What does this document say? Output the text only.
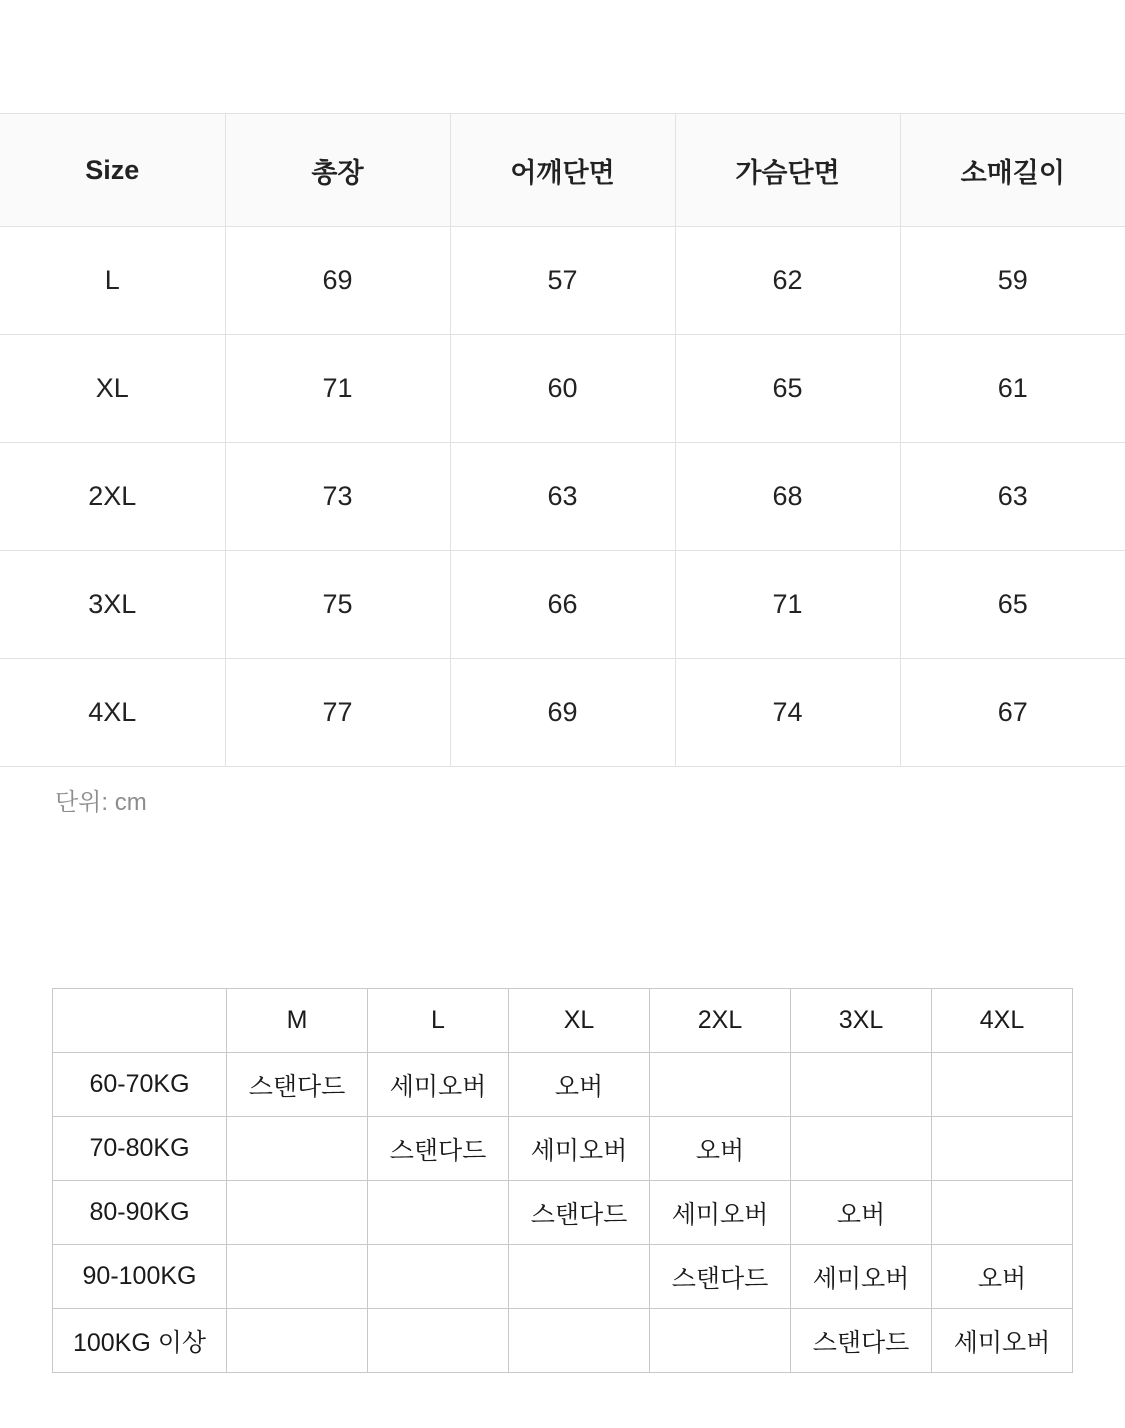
Size	총장	어깨단면	가슴단면	소매길이
L	69	57	62	59
XL	71	60	65	61
2XL	73	63	68	63
3XL	75	66	71	65
4XL	77	69	74	67
단위: cm
	M	L	XL	2XL	3XL	4XL
60-70KG	스탠다드	세미오버	오버			
70-80KG		스탠다드	세미오버	오버		
80-90KG			스탠다드	세미오버	오버	
90-100KG				스탠다드	세미오버	오버
100KG 이상					스탠다드	세미오버
